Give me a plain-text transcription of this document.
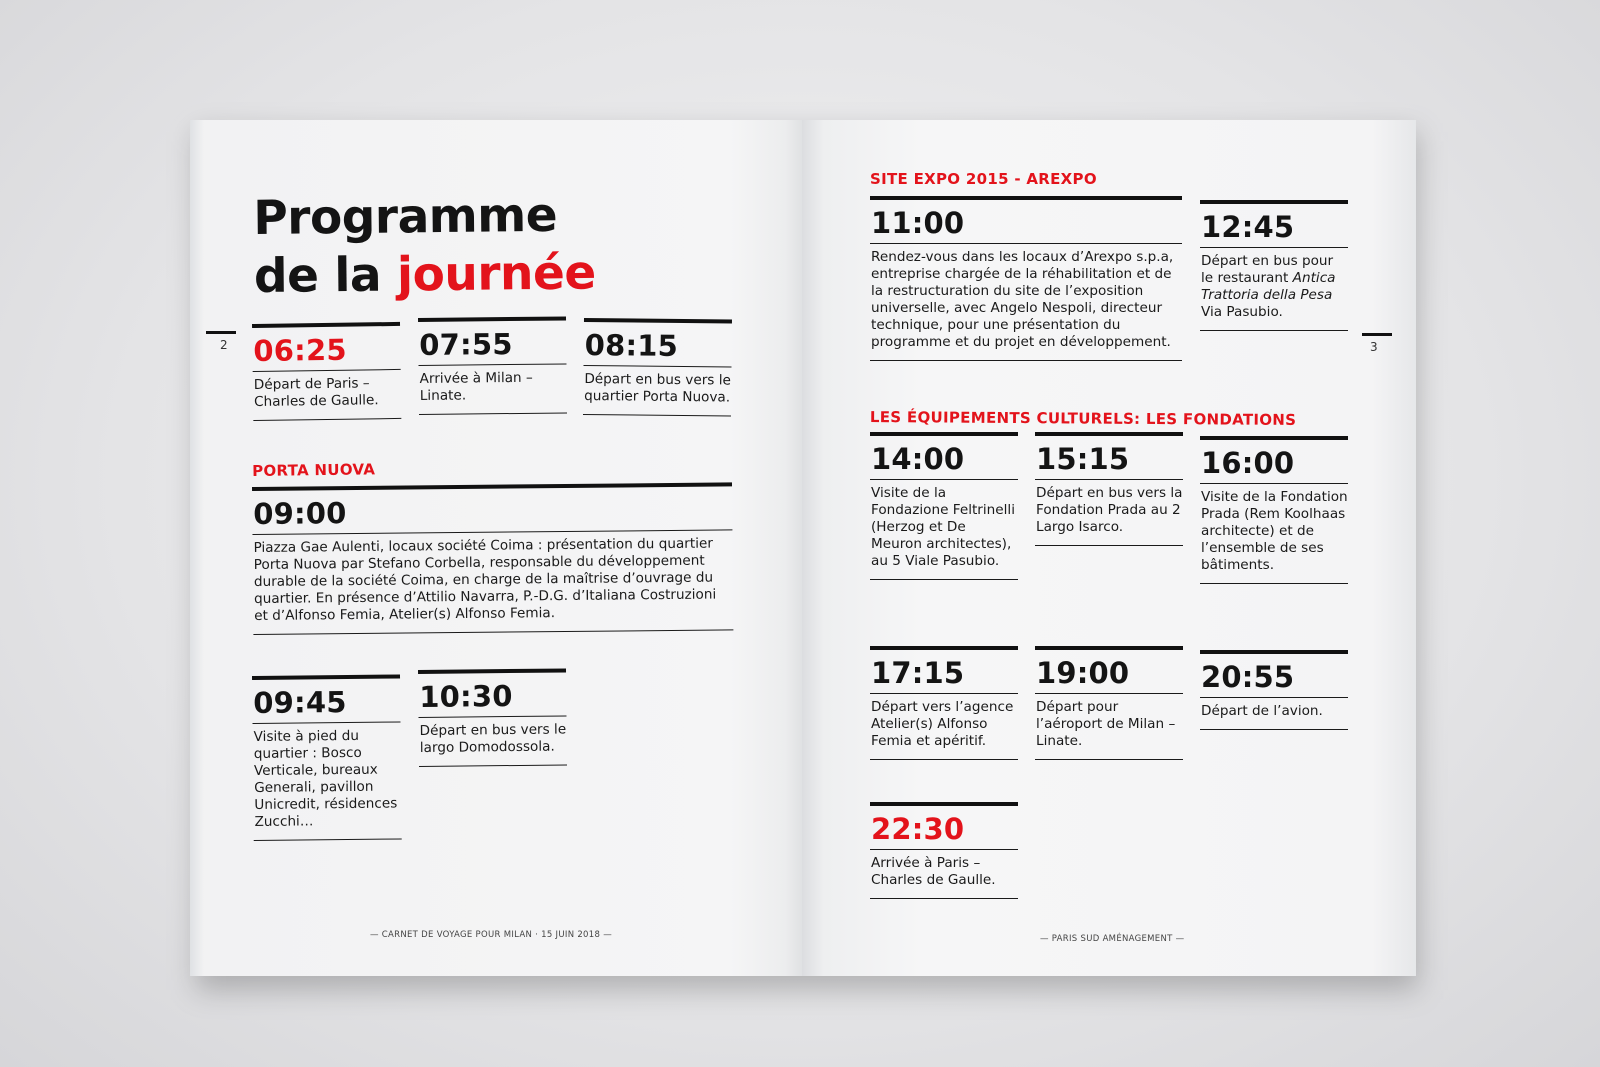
Programme
de la journée
2	3
06:25
Départ de Paris – Charles de Gaulle.
07:55
Arrivée à Milan – Linate.
08:15
Départ en bus vers le quartier Porta Nuova.
PORTA NUOVA
09:00
Piazza Gae Aulenti, locaux société Coima : présentation du quartier Porta Nuova par Stefano Corbella, responsable du développement durable de la société Coima, en charge de la maîtrise d’ouvrage du quartier. En présence d’Attilio Navarra, P.-D.G. d’Italiana Costruzioni et d’Alfonso Femia, Atelier(s) Alfonso Femia.
09:45
Visite à pied du quartier : Bosco Verticale, bureaux Generali, pavillon Unicredit, résidences Zucchi…
10:30
Départ en bus vers le largo Domodossola.
— CARNET DE VOYAGE POUR MILAN · 15 JUIN 2018 —
SITE EXPO 2015 - AREXPO
11:00
Rendez-vous dans les locaux d’Arexpo s.p.a, entreprise chargée de la réhabilitation et de la restructuration du site de l’exposition universelle, avec Angelo Nespoli, directeur technique, pour une présentation du programme et du projet en développement.
12:45
Départ en bus pour le restaurant Antica Trattoria della Pesa Via Pasubio.
LES ÉQUIPEMENTS CULTURELS: LES FONDATIONS
14:00
Visite de la Fondazione Feltrinelli (Herzog et De Meuron architectes), au 5 Viale Pasubio.
15:15
Départ en bus vers la Fondation Prada au 2 Largo Isarco.
16:00
Visite de la Fondation Prada (Rem Koolhaas architecte) et de l’ensemble de ses bâtiments.
17:15
Départ vers l’agence Atelier(s) Alfonso Femia et apéritif.
19:00
Départ pour l’aéroport de Milan – Linate.
20:55
Départ de l’avion.
22:30
Arrivée à Paris – Charles de Gaulle.
— PARIS SUD AMÉNAGEMENT —
